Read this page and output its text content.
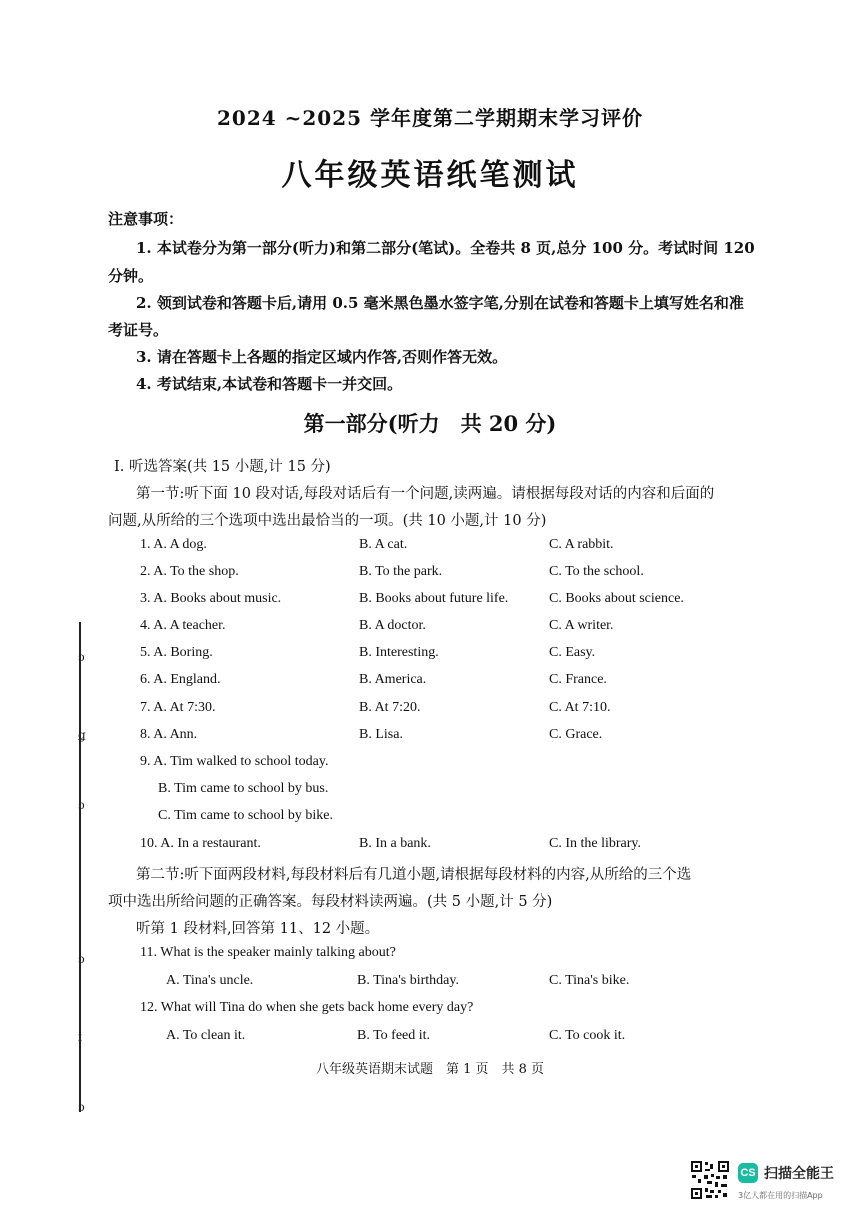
ɔ
ǥ
ɔ
ɔ
ɪ
ɔ
2024 ~2025 学年度第二学期期末学习评价
八年级英语纸笔测试
注意事项：
1. 本试卷分为第一部分(听力)和第二部分(笔试)。全卷共 8 页,总分 100 分。考试时间 120
分钟。
2. 领到试卷和答题卡后,请用 0.5 毫米黑色墨水签字笔,分别在试卷和答题卡上填写姓名和准
考证号。
3. 请在答题卡上各题的指定区域内作答,否则作答无效。
4. 考试结束,本试卷和答题卡一并交回。
第一部分(听力　共 20 分)
Ⅰ. 听选答案(共 15 小题,计 15 分)
第一节:听下面 10 段对话,每段对话后有一个问题,读两遍。请根据每段对话的内容和后面的
问题,从所给的三个选项中选出最恰当的一项。(共 10 小题,计 10 分)
1. A. A dog.	B. A cat.	C. A rabbit.
2. A. To the shop.	B. To the park.	C. To the school.
3. A. Books about music.	B. Books about future life.	C. Books about science.
4. A. A teacher.	B. A doctor.	C. A writer.
5. A. Boring.	B. Interesting.	C. Easy.
6. A. England.	B. America.	C. France.
7. A. At 7:30.	B. At 7:20.	C. At 7:10.
8. A. Ann.	B. Lisa.	C. Grace.
9. A. Tim walked to school today.
B. Tim came to school by bus.
C. Tim came to school by bike.
10. A. In a restaurant.	B. In a bank.	C. In the library.
第二节:听下面两段材料,每段材料后有几道小题,请根据每段材料的内容,从所给的三个选
项中选出所给问题的正确答案。每段材料读两遍。(共 5 小题,计 5 分)
听第 1 段材料,回答第 11、12 小题。
11. What is the speaker mainly talking about?
A. Tina's uncle.	B. Tina's birthday.	C. Tina's bike.
12. What will Tina do when she gets back home every day?
A. To clean it.	B. To feed it.	C. To cook it.
八年级英语期末试题　第 1 页　共 8 页
CS 扫描全能王
3亿人都在用的扫描App
